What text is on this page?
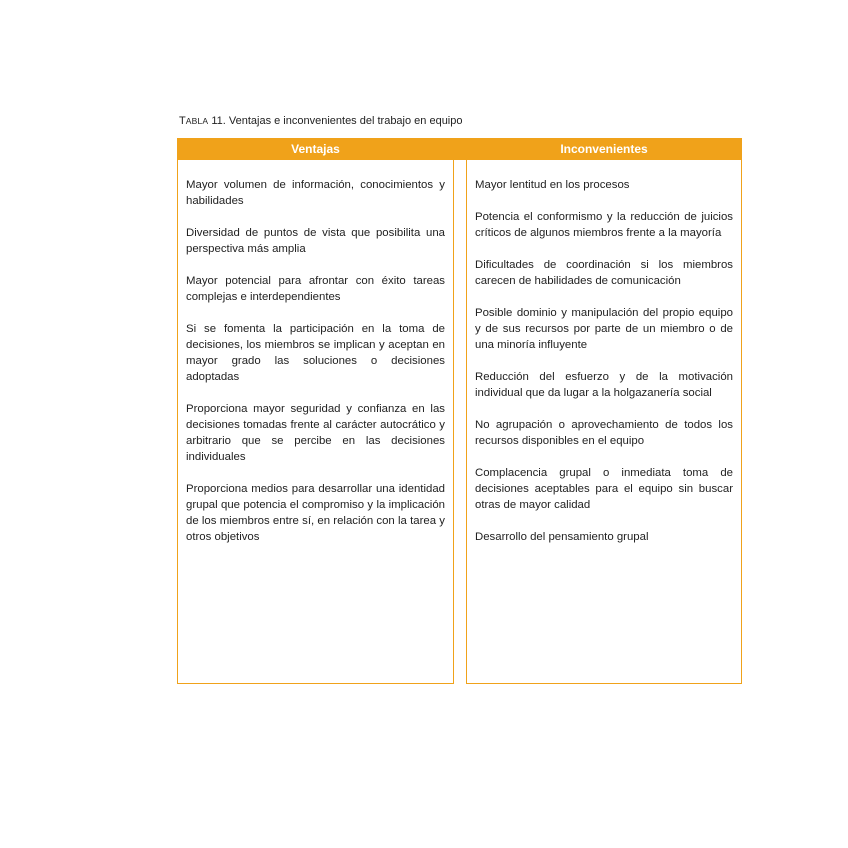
TABLA 11. Ventajas e inconvenientes del trabajo en equipo
Ventajas
Mayor volumen de información, conocimientos y habilidades
Diversidad de puntos de vista que posibilita una perspectiva más amplia
Mayor potencial para afrontar con éxito tareas complejas e interdependientes
Si se fomenta la participación en la toma de decisiones, los miembros se implican y aceptan en mayor grado las soluciones o decisiones adoptadas
Proporciona mayor seguridad y confianza en las decisiones tomadas frente al carácter autocrático y arbitrario que se percibe en las decisiones individuales
Proporciona medios para desarrollar una identidad grupal que potencia el compromiso y la implicación de los miembros entre sí, en relación con la tarea y otros objetivos
Inconvenientes
Mayor lentitud en los procesos
Potencia el conformismo y la reducción de juicios críticos de algunos miembros frente a la mayoría
Dificultades de coordinación si los miembros carecen de habilidades de comunicación
Posible dominio y manipulación del propio equipo y de sus recursos por parte de un miembro o de una minoría influyente
Reducción del esfuerzo y de la motivación individual que da lugar a la holgazanería social
No agrupación o aprovechamiento de todos los recursos disponibles en el equipo
Complacencia grupal o inmediata toma de decisiones aceptables para el equipo sin buscar otras de mayor calidad
Desarrollo del pensamiento grupal
